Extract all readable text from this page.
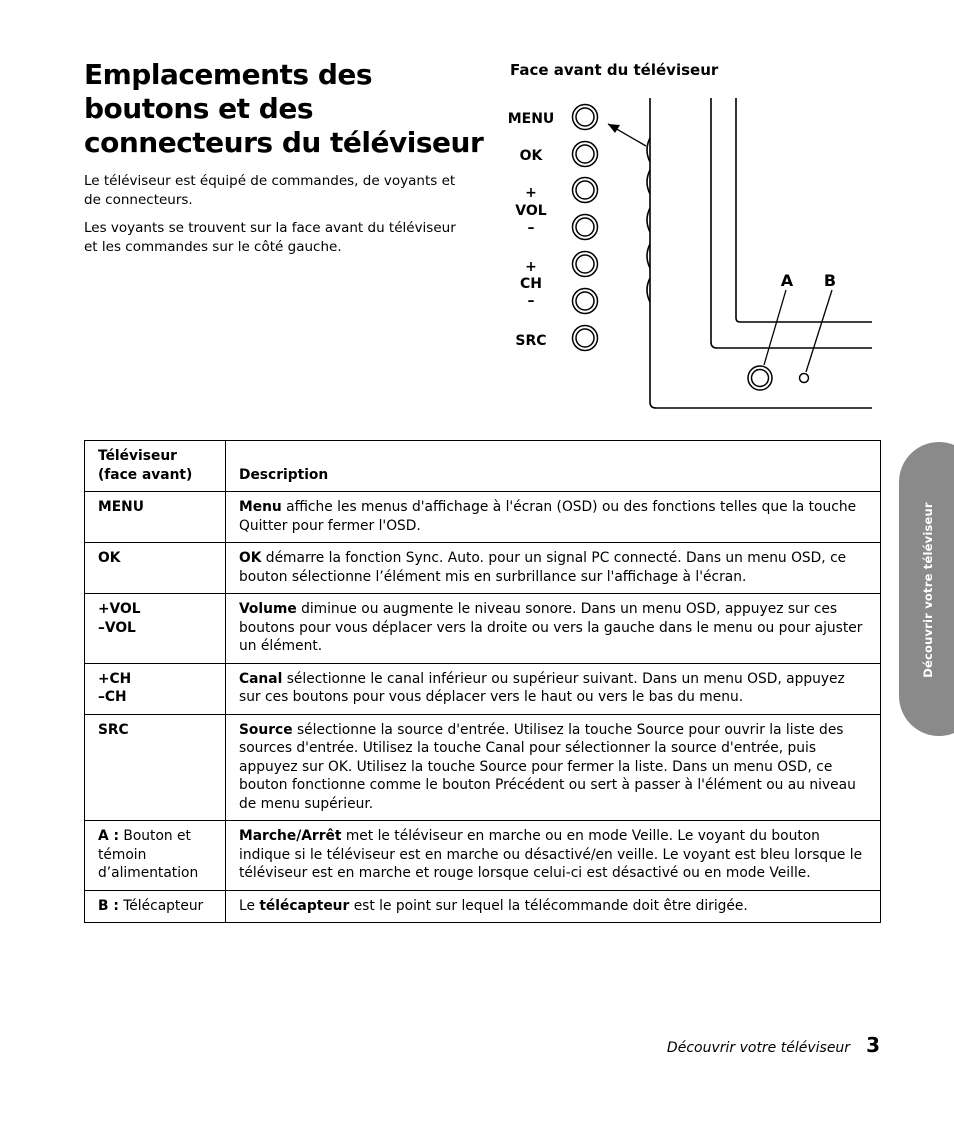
Emplacements des boutons et des connecteurs du téléviseur

Le téléviseur est équipé de commandes, de voyants et de connecteurs.

Les voyants se trouvent sur la face avant du téléviseur et les commandes sur le côté gauche.

Face avant du téléviseur
MENU
OK
+
VOL
–
+
CH
–
SRC
A B
Découvrir votre téléviseur
Téléviseur
(face avant)	Description
MENU	Menu affiche les menus d'affichage à l'écran (OSD) ou des fonctions telles que la touche Quitter pour fermer l'OSD.
OK	OK démarre la fonction Sync. Auto. pour un signal PC connecté. Dans un menu OSD, ce bouton sélectionne l’élément mis en surbrillance sur l'affichage à l'écran.
+VOL
–VOL	Volume diminue ou augmente le niveau sonore. Dans un menu OSD, appuyez sur ces boutons pour vous déplacer vers la droite ou vers la gauche dans le menu ou pour ajuster un élément.
+CH
–CH	Canal sélectionne le canal inférieur ou supérieur suivant. Dans un menu OSD, appuyez sur ces boutons pour vous déplacer vers le haut ou vers le bas du menu.
SRC	Source sélectionne la source d'entrée. Utilisez la touche Source pour ouvrir la liste des sources d'entrée. Utilisez la touche Canal pour sélectionner la source d'entrée, puis appuyez sur OK. Utilisez la touche Source pour fermer la liste. Dans un menu OSD, ce bouton fonctionne comme le bouton Précédent ou sert à passer à l'élément ou au niveau de menu supérieur.
A : Bouton et témoin d’alimentation	Marche/Arrêt met le téléviseur en marche ou en mode Veille. Le voyant du bouton indique si le téléviseur est en marche ou désactivé/en veille. Le voyant est bleu lorsque le téléviseur est en marche et rouge lorsque celui-ci est désactivé ou en mode Veille.
B : Télécapteur	Le télécapteur est le point sur lequel la télécommande doit être dirigée.
Découvrir votre téléviseur 3
